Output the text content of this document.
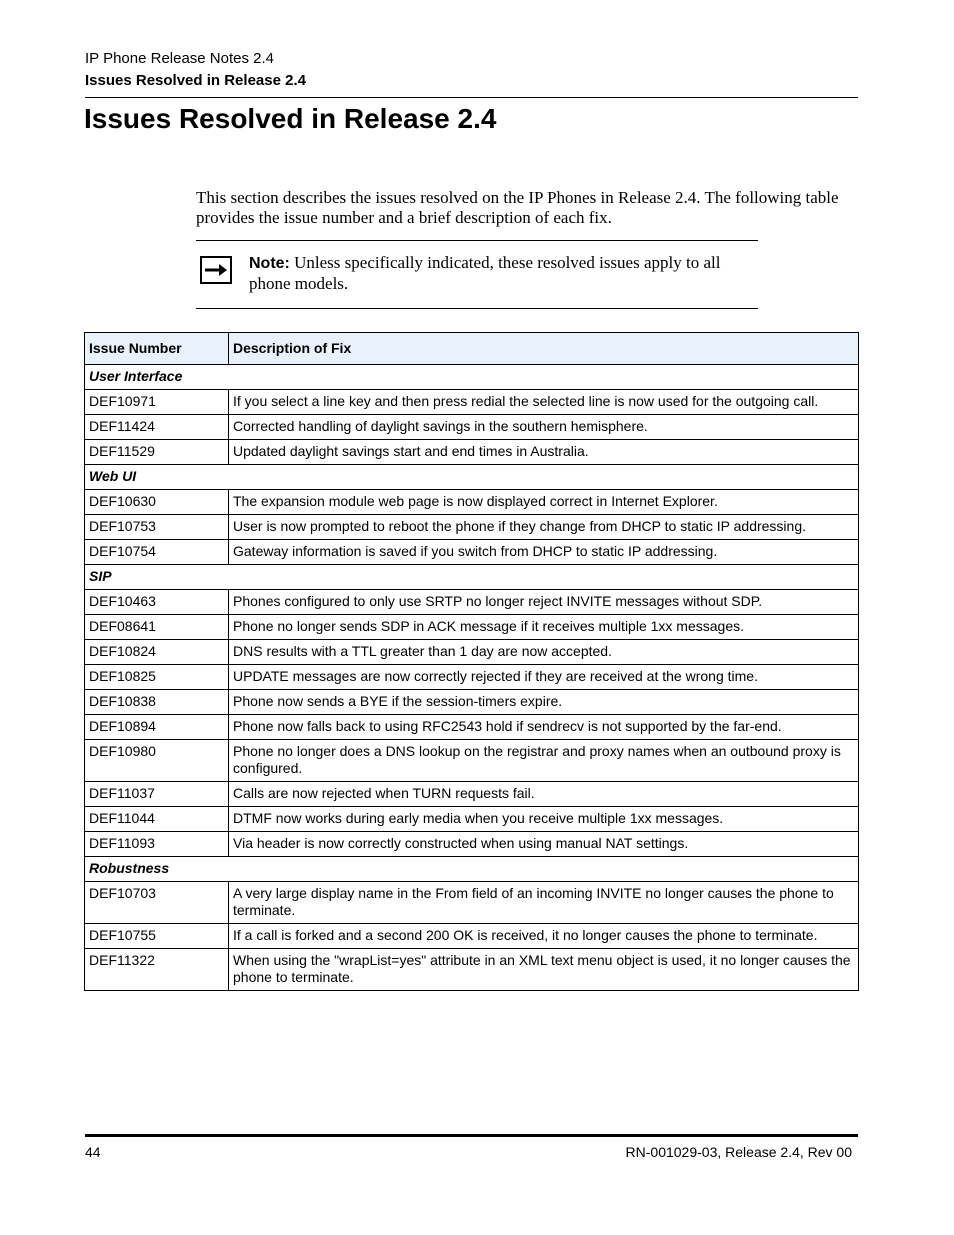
IP Phone Release Notes 2.4
Issues Resolved in Release 2.4
Issues Resolved in Release 2.4

This section describes the issues resolved on the IP Phones in Release 2.4. The following table provides the issue number and a brief description of each fix.

Note: Unless specifically indicated, these resolved issues apply to all phone models.

Issue Number	Description of Fix
User Interface	
DEF10971	If you select a line key and then press redial the selected line is now used for the outgoing call.
DEF11424	Corrected handling of daylight savings in the southern hemisphere.
DEF11529	Updated daylight savings start and end times in Australia.
Web UI	
DEF10630	The expansion module web page is now displayed correct in Internet Explorer.
DEF10753	User is now prompted to reboot the phone if they change from DHCP to static IP addressing.
DEF10754	Gateway information is saved if you switch from DHCP to static IP addressing.
SIP	
DEF10463	Phones configured to only use SRTP no longer reject INVITE messages without SDP.
DEF08641	Phone no longer sends SDP in ACK message if it receives multiple 1xx messages.
DEF10824	DNS results with a TTL greater than 1 day are now accepted.
DEF10825	UPDATE messages are now correctly rejected if they are received at the wrong time.
DEF10838	Phone now sends a BYE if the session-timers expire.
DEF10894	Phone now falls back to using RFC2543 hold if sendrecv is not supported by the far-end.
DEF10980	Phone no longer does a DNS lookup on the registrar and proxy names when an outbound proxy is configured.
DEF11037	Calls are now rejected when TURN requests fail.
DEF11044	DTMF now works during early media when you receive multiple 1xx messages.
DEF11093	Via header is now correctly constructed when using manual NAT settings.
Robustness	
DEF10703	A very large display name in the From field of an incoming INVITE no longer causes the phone to terminate.
DEF10755	If a call is forked and a second 200 OK is received, it no longer causes the phone to terminate.
DEF11322	When using the "wrapList=yes" attribute in an XML text menu object is used, it no longer causes the phone to terminate.
44	RN-001029-03, Release 2.4, Rev 00
